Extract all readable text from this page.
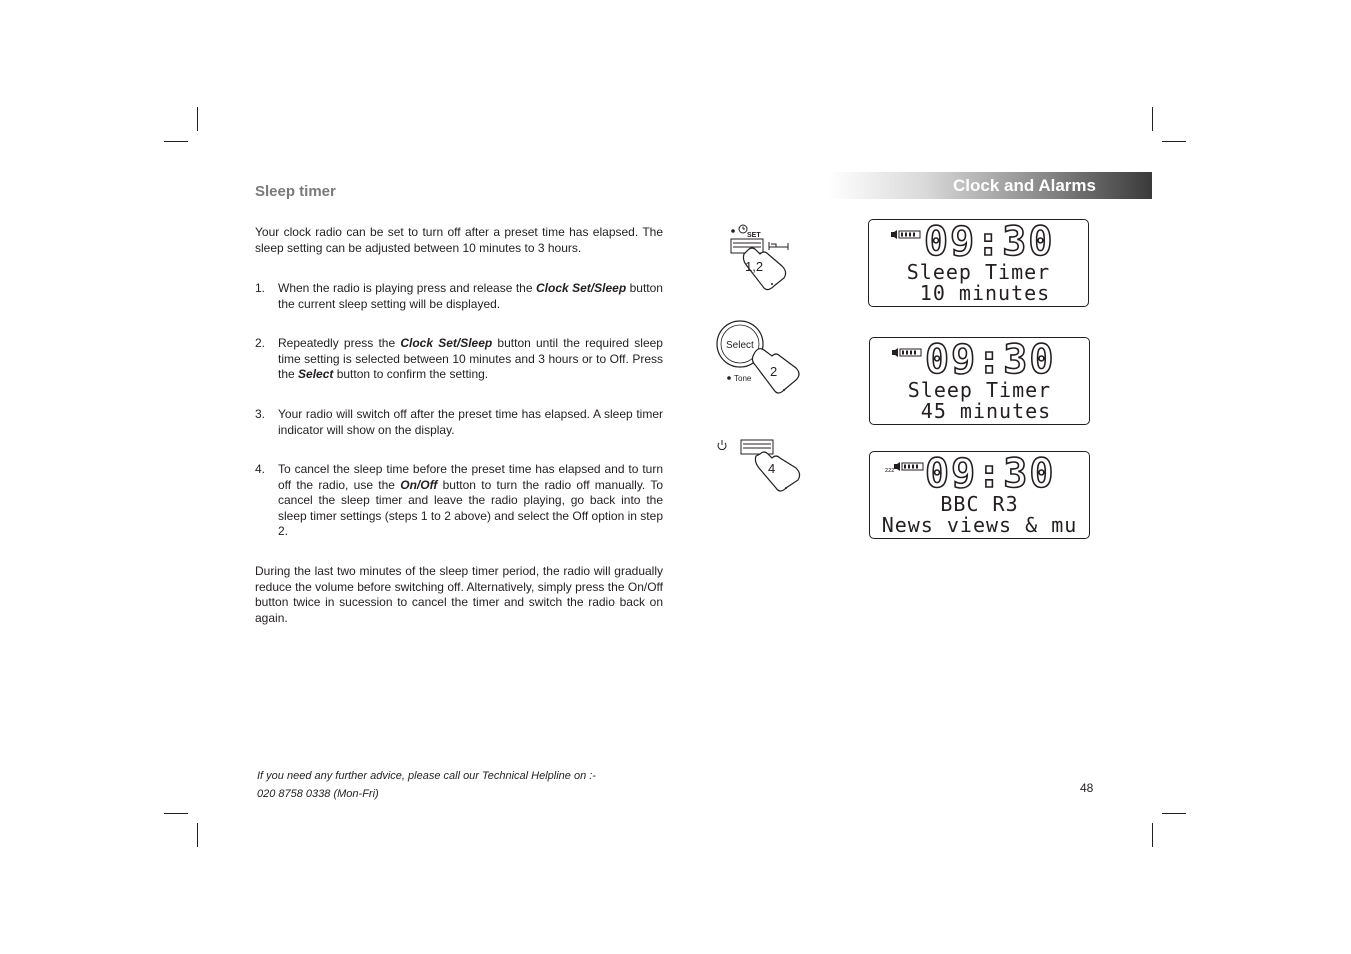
Clock and Alarms
Sleep timer

Your clock radio can be set to turn off after a preset time has elapsed. The sleep setting can be adjusted between 10 minutes to 3 hours.

1. When the radio is playing press and release the Clock Set/Sleep button the current sleep setting will be displayed.
2. Repeatedly press the Clock Set/Sleep button until the required sleep time setting is selected between 10 minutes and 3 hours or to Off. Press the Select button to confirm the setting.
3. Your radio will switch off after the preset time has elapsed. A sleep timer indicator will show on the display.
4. To cancel the sleep time before the preset time has elapsed and to turn off the radio, use the On/Off button to turn the radio off manually. To cancel the sleep timer and leave the radio playing, go back into the sleep timer settings (steps 1 to 2 above) and select the Off option in step 2.

During the last two minutes of the sleep timer period, the radio will gradually reduce the volume before switching off. Alternatively, simply press the On/Off button twice in sucession to cancel the timer and switch the radio back on again.

SET
1,2
Select
Tone 2
4
09:30
Sleep Timer
10 minutes
09:30
Sleep Timer
45 minutes
zzz 09:30
BBC R3
News views & mu
If you need any further advice, please call our Technical Helpline on :-
020 8758 0338 (Mon-Fri)	48
